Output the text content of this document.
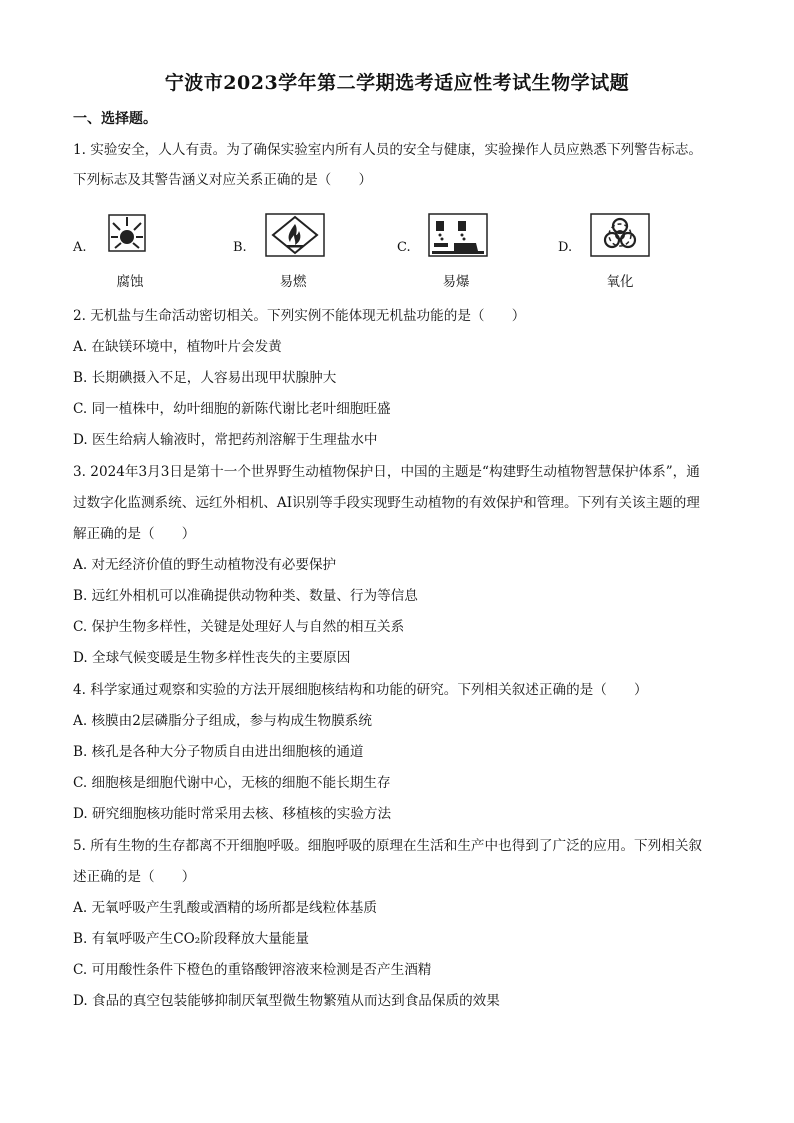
宁波市2023学年第二学期选考适应性考试生物学试题
一、选择题。
1. 实验安全，人人有责。为了确保实验室内所有人员的安全与健康，实验操作人员应熟悉下列警告标志。
下列标志及其警告涵义对应关系正确的是（　　）
A.
腐蚀
B.
易燃
C.
易爆
D.
氧化
2. 无机盐与生命活动密切相关。下列实例不能体现无机盐功能的是（　　）
A. 在缺镁环境中，植物叶片会发黄
B. 长期碘摄入不足，人容易出现甲状腺肿大
C. 同一植株中，幼叶细胞的新陈代谢比老叶细胞旺盛
D. 医生给病人输液时，常把药剂溶解于生理盐水中
3. 2024年3月3日是第十一个世界野生动植物保护日，中国的主题是“构建野生动植物智慧保护体系”，通
过数字化监测系统、远红外相机、AI识别等手段实现野生动植物的有效保护和管理。下列有关该主题的理
解正确的是（　　）
A. 对无经济价值的野生动植物没有必要保护
B. 远红外相机可以准确提供动物种类、数量、行为等信息
C. 保护生物多样性，关键是处理好人与自然的相互关系
D. 全球气候变暖是生物多样性丧失的主要原因
4. 科学家通过观察和实验的方法开展细胞核结构和功能的研究。下列相关叙述正确的是（　　）
A. 核膜由2层磷脂分子组成，参与构成生物膜系统
B. 核孔是各种大分子物质自由进出细胞核的通道
C. 细胞核是细胞代谢中心，无核的细胞不能长期生存
D. 研究细胞核功能时常采用去核、移植核的实验方法
5. 所有生物的生存都离不开细胞呼吸。细胞呼吸的原理在生活和生产中也得到了广泛的应用。下列相关叙
述正确的是（　　）
A. 无氧呼吸产生乳酸或酒精的场所都是线粒体基质
B. 有氧呼吸产生CO₂阶段释放大量能量
C. 可用酸性条件下橙色的重铬酸钾溶液来检测是否产生酒精
D. 食品的真空包装能够抑制厌氧型微生物繁殖从而达到食品保质的效果
